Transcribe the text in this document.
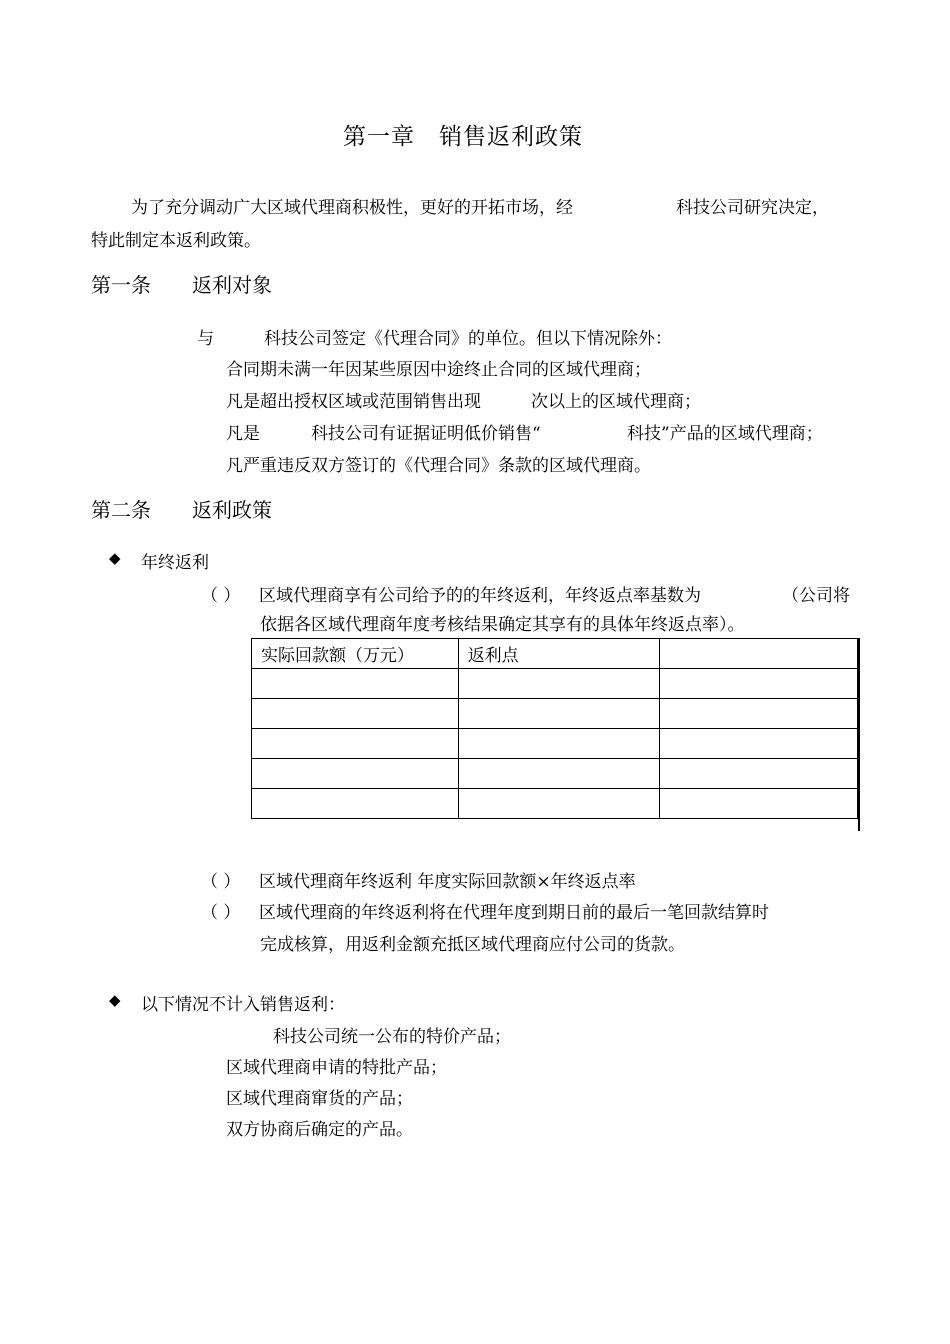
第一章　销售返利政策
为了充分调动广大区域代理商积极性，更好的开拓市场，经	科技公司研究决定，
特此制定本返利政策。
第一条 返利对象
与	科技公司签定《代理合同》的单位。但以下情况除外：
合同期未满一年因某些原因中途终止合同的区域代理商；
凡是超出授权区域或范围销售出现	次以上的区域代理商；
凡是	科技公司有证据证明低价销售“	科技”产品的区域代理商；
凡严重违反双方签订的《代理合同》条款的区域代理商。
第二条 返利政策
◆ 年终返利
（ ） 区域代理商享有公司给予的的年终返利，年终返点率基数为	（公司将
依据各区域代理商年度考核结果确定其享有的具体年终返点率）。
实际回款额（万元）	返利点	

（ ） 区域代理商年终返利 年度实际回款额×年终返点率
（ ） 区域代理商的年终返利将在代理年度到期日前的最后一笔回款结算时
完成核算，用返利金额充抵区域代理商应付公司的货款。
◆ 以下情况不计入销售返利：
科技公司统一公布的特价产品；
区域代理商申请的特批产品；
区域代理商窜货的产品；
双方协商后确定的产品。
